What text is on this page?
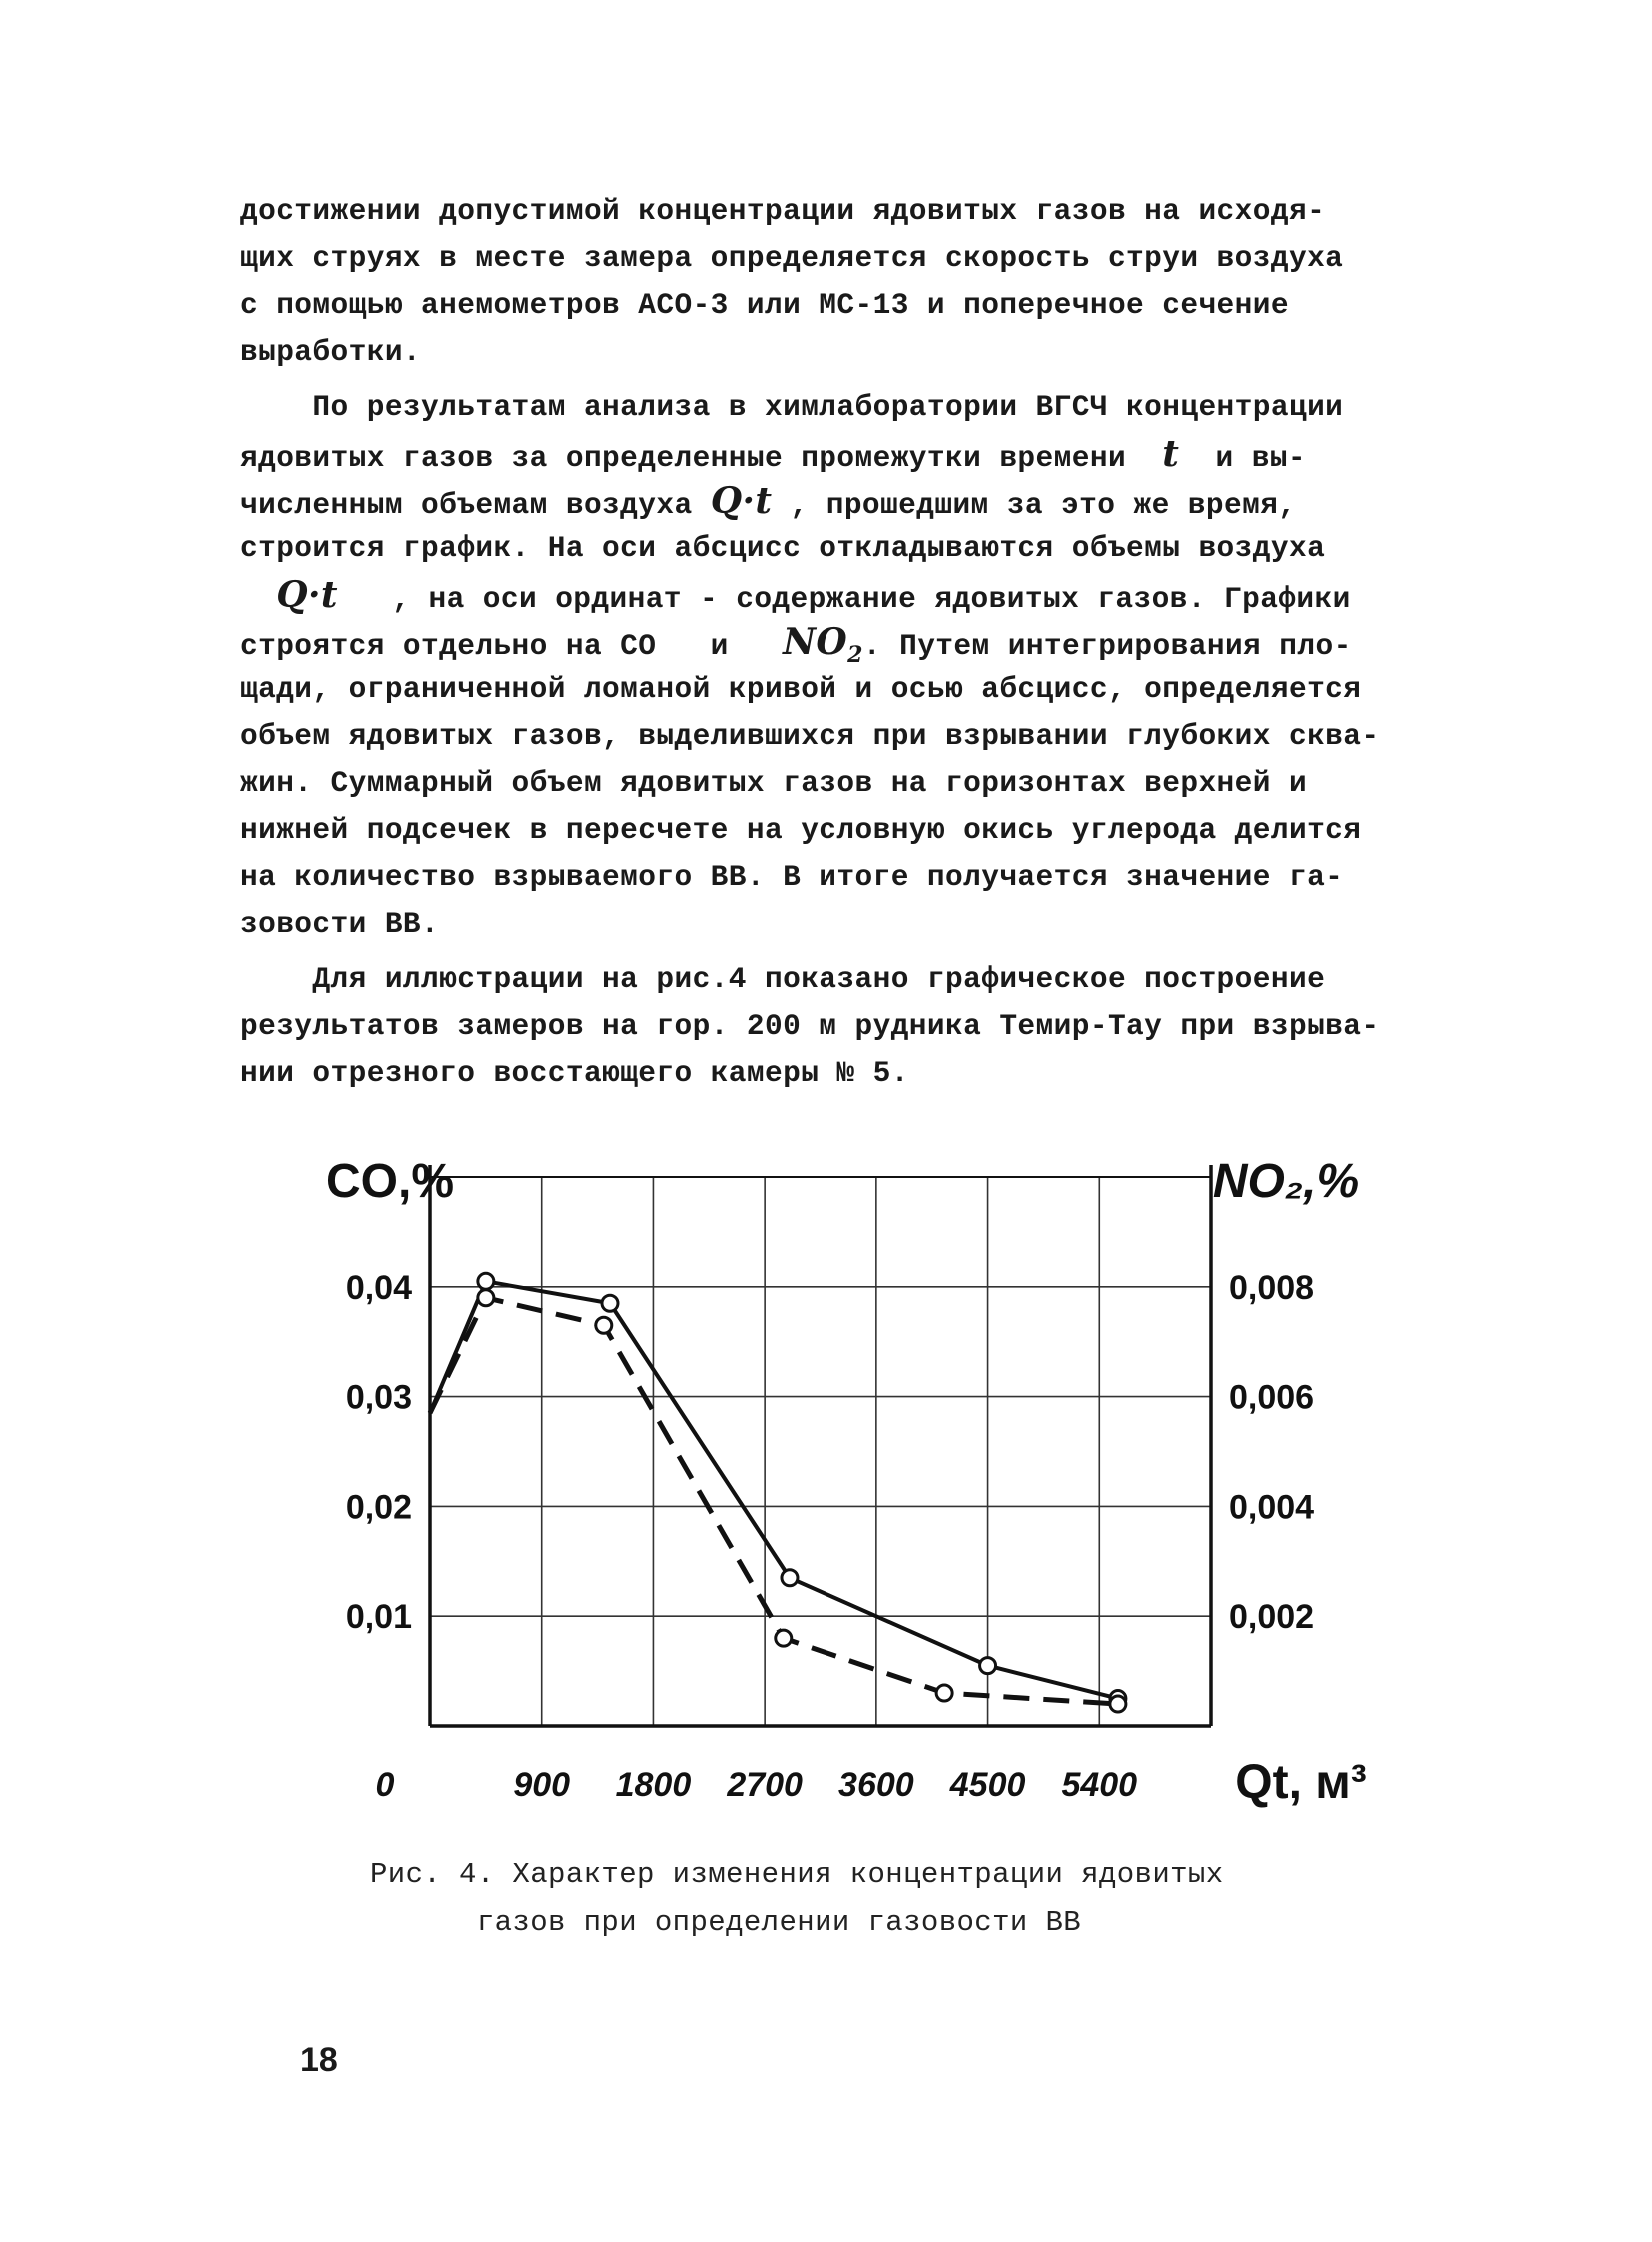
достижении допустимой концентрации ядовитых газов на исходя-
щих струях в месте замера определяется скорость струи воздуха
с помощью анемометров АСО-3 или МС-13 и поперечное сечение
выработки.
По результатам анализа в химлаборатории ВГСЧ концентрации
ядовитых газов за определенные промежутки времени  t  и вы-
численным объемам воздуха Q·t , прошедшим за это же время,
строится график. На оси абсцисс откладываются объемы воздуха
Q·t   , на оси ординат - содержание ядовитых газов. Графики
строятся отдельно на CO   и   $NO_2$. Путем интегрирования пло-
щади, ограниченной ломаной кривой и осью абсцисс, определяется
объем ядовитых газов, выделившихся при взрывании глубоких сква-
жин. Суммарный объем ядовитых газов на горизонтах верхней и
нижней подсечек в пересчете на условную окись углерода делится
на количество взрываемого ВВ. В итоге получается значение га-
зовости ВВ.
Для иллюстрации на рис.4 показано графическое построение
результатов замеров на гор. 200 м рудника Темир-Тау при взрыва-
нии отрезного восстающего камеры № 5.
0	900 1800 2700 3600 4500 5400
0,04
0,03
0,02
0,01
0,008
0,006
0,004
0,002
CO,%	NO₂,%
Qt, м³
Рис. 4. Характер изменения концентрации ядовитых
газов при определении газовости ВВ
18
